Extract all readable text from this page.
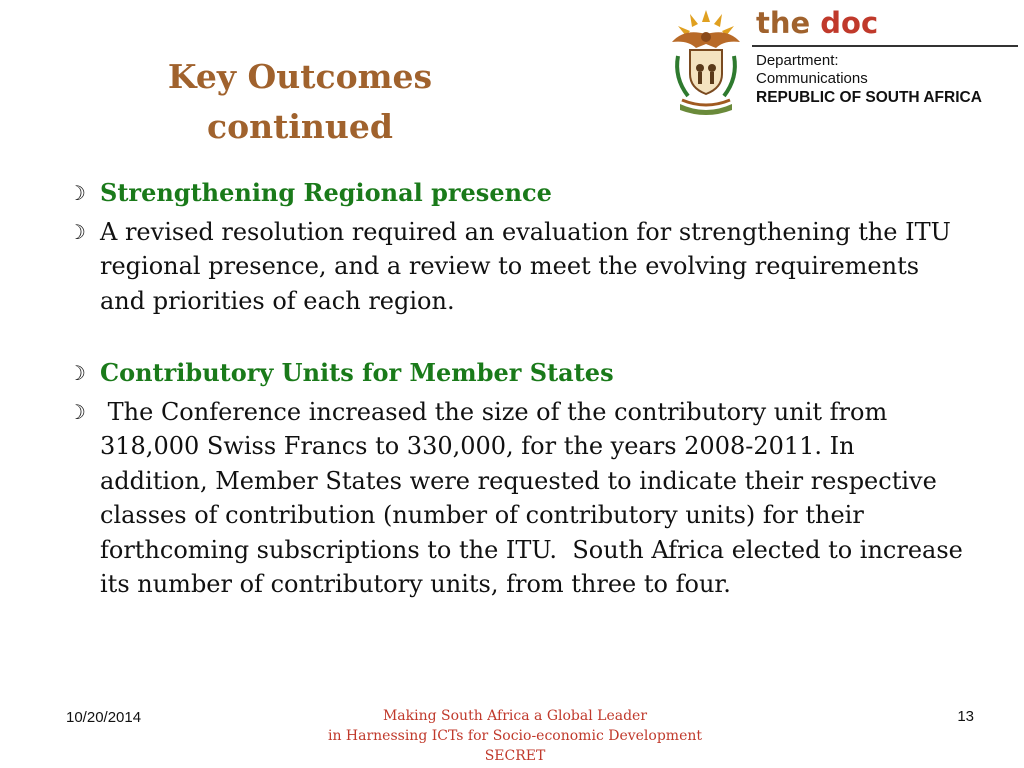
Key Outcomes
continued
the doc
Department:
Communications
REPUBLIC OF SOUTH AFRICA
☽ Strengthening Regional presence
☽ A revised resolution required an evaluation for strengthening the ITU regional presence, and a review to meet the evolving requirements and priorities of each region.
☽ Contributory Units for Member States
☽ The Conference increased the size of the contributory unit from 318,000 Swiss Francs to 330,000, for the years 2008-2011. In addition, Member States were requested to indicate their respective classes of contribution (number of contributory units) for their forthcoming subscriptions to the ITU.  South Africa elected to increase its number of contributory units, from three to four.
10/20/2014	Making South Africa a Global Leader
in Harnessing ICTs for Socio-economic Development
SECRET
13
